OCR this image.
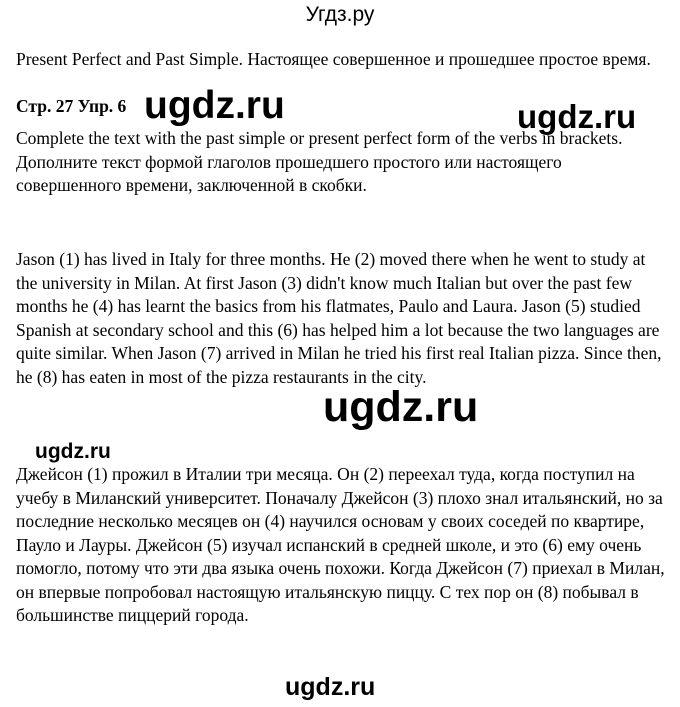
Угдз.ру
Present Perfect and Past Simple. Настоящее совершенное и прошедшее простое время.
Стр. 27 Упр. 6
Complete the text with the past simple or present perfect form of the verbs in brackets. Дополните текст формой глаголов прошедшего простого или настоящего совершенного времени, заключенной в скобки.
Jason (1) has lived in Italy for three months. He (2) moved there when he went to study at the university in Milan. At first Jason (3) didn't know much Italian but over the past few months he (4) has learnt the basics from his flatmates, Paulo and Laura. Jason (5) studied Spanish at secondary school and this (6) has helped him a lot because the two languages are quite similar. When Jason (7) arrived in Milan he tried his first real Italian pizza. Since then, he (8) has eaten in most of the pizza restaurants in the city.
Джейсон (1) прожил в Италии три месяца. Он (2) переехал туда, когда поступил на учебу в Миланский университет. Поначалу Джейсон (3) плохо знал итальянский, но за последние несколько месяцев он (4) научился основам у своих соседей по квартире, Пауло и Лауры. Джейсон (5) изучал испанский в средней школе, и это (6) ему очень помогло, потому что эти два языка очень похожи. Когда Джейсон (7) приехал в Милан, он впервые попробовал настоящую итальянскую пиццу. С тех пор он (8) побывал в большинстве пиццерий города.
ugdz.ru	ugdz.ru
ugdz.ru
ugdz.ru
ugdz.ru
